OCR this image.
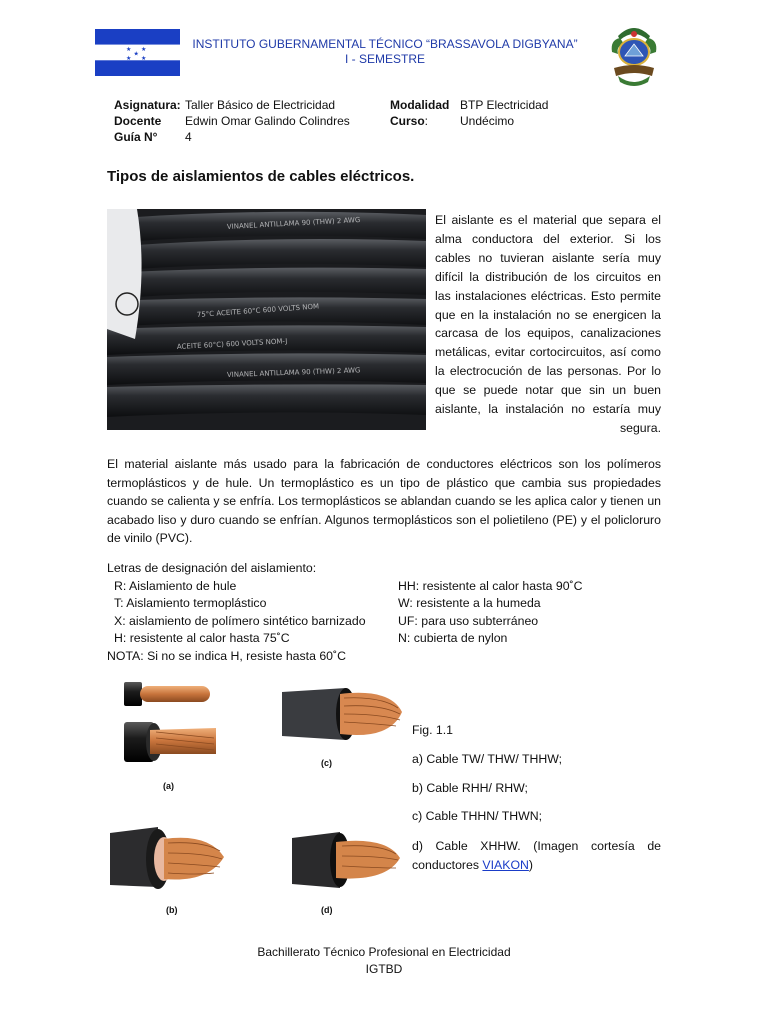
★ ★
★
★ ★
INSTITUTO GUBERNAMENTAL TÉCNICO “BRASSAVOLA DIGBYANA”
I - SEMESTRE
Asignatura:
Docente
Guía N°
Taller Básico de Electricidad
Edwin Omar Galindo Colindres
4
Modalidad
Curso:
BTP Electricidad
Undécimo
Tipos de aislamientos de cables eléctricos.
VINANEL ANTILLAMA 90 (THW) 2 AWG
75°C ACEITE 60°C 600 VOLTS NOM
ACEITE 60°C) 600 VOLTS NOM-J
VINANEL ANTILLAMA 90 (THW) 2 AWG
El aislante es el material que separa el alma conductora del exterior. Si los cables no tuvieran aislante sería muy difícil la distribución de los circuitos en las instalaciones eléctricas. Esto permite que en la instalación no se energicen la carcasa de los equipos, canalizaciones metálicas, evitar cortocircuitos, así como la electrocución de las personas. Por lo que se puede notar que sin un buen aislante, la instalación no estaría muy segura.
El material aislante más usado para la fabricación de conductores eléctricos son los polímeros termoplásticos y de hule. Un termoplástico es un tipo de plástico que cambia sus propiedades cuando se calienta y se enfría. Los termoplásticos se ablandan cuando se les aplica calor y tienen un acabado liso y duro cuando se enfrían. Algunos termoplásticos son el polietileno (PE) y el policloruro de vinilo (PVC).
Letras de designación del aislamiento:
R: Aislamiento de hule
T: Aislamiento termoplástico
X: aislamiento de polímero sintético barnizado
H: resistente al calor hasta 75˚C
NOTA: Si no se indica H, resiste hasta 60˚C
HH: resistente al calor hasta 90˚C
W: resistente a la humeda
UF: para uso subterráneo
N: cubierta de nylon
(a)
(c)
(b)	(d)
Fig. 1.1
a) Cable TW/ THW/ THHW;
b) Cable RHH/ RHW;
c) Cable THHN/ THWN;
d) Cable XHHW. (Imagen cortesía de conductores VIAKON)
Bachillerato Técnico Profesional en Electricidad
IGTBD
